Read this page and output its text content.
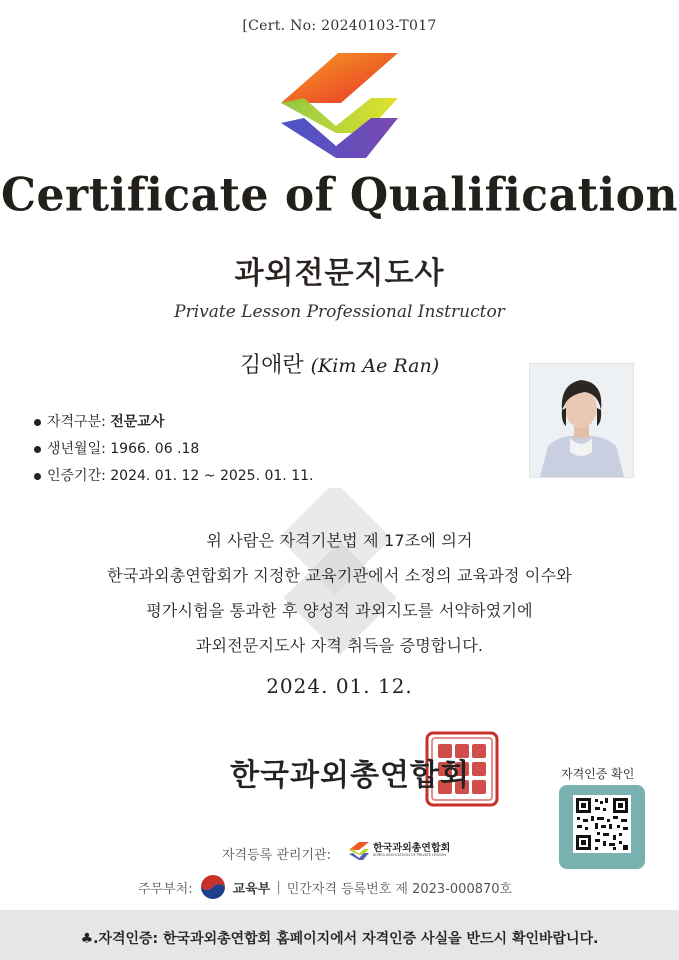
[Cert. No: 20240103-T017
Certificate of Qualification
과외전문지도사
Private Lesson Professional Instructor
김애란 (Kim Ae Ran)
자격구분: 전문교사
생년월일: 1966. 06 .18
인증기간: 2024. 01. 12 ~ 2025. 01. 11.
위 사람은 자격기본법 제 17조에 의거
한국과외총연합회가 지정한 교육기관에서 소정의 교육과정 이수와
평가시험을 통과한 후 양성적 과외지도를 서약하였기에
과외전문지도사 자격 취득을 증명합니다.
2024. 01. 12.
한국과외총연합회	자격인증 확인
자격등록 관리기관:	한국과외총연합회
KOREA ASSOCIATION OF PRIVATE LESSON
주무부처:	교육부 | 민간자격 등록번호 제 2023-000870호
♣.자격인증: 한국과외총연합회 홈페이지에서 자격인증 사실을 반드시 확인바랍니다.
